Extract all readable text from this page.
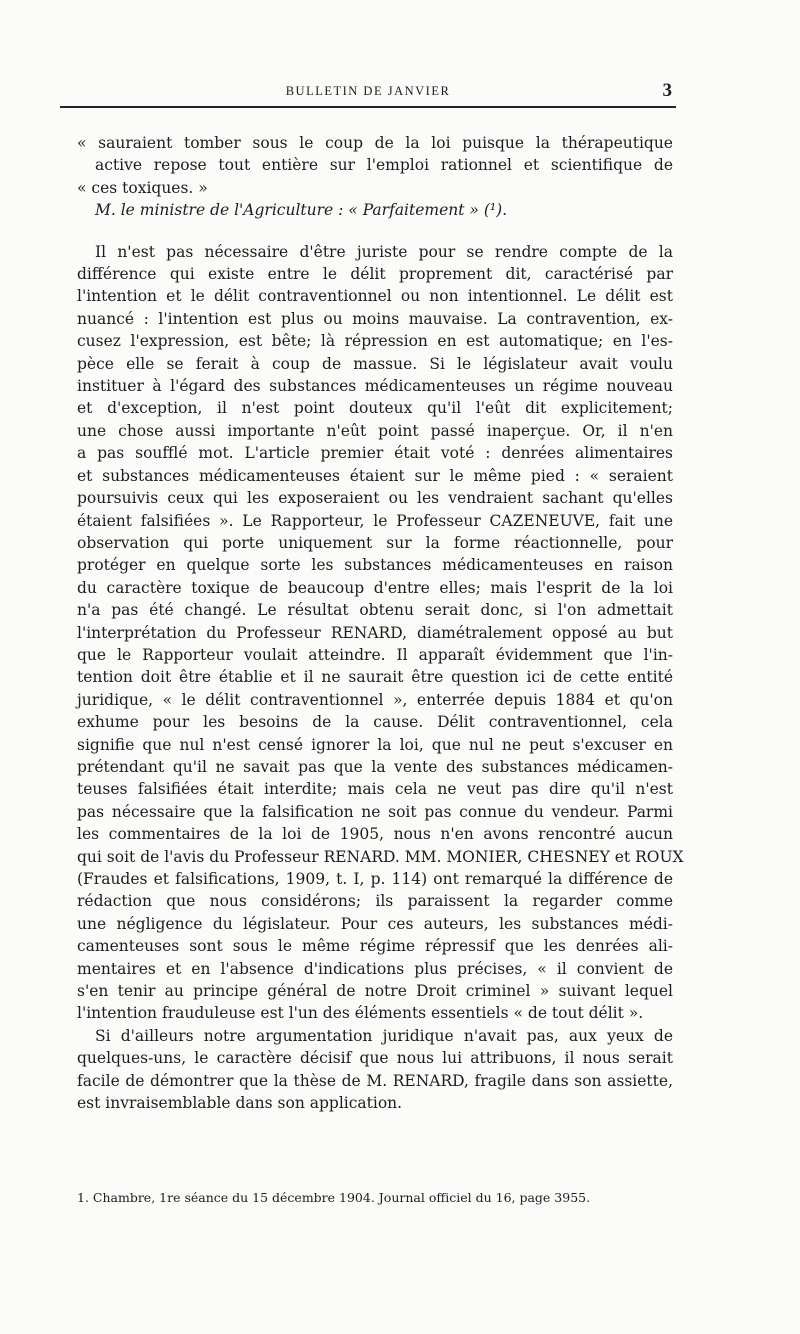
BULLETIN DE JANVIER	3
« sauraient tomber sous le coup de la loi puisque la thérapeutique
active repose tout entière sur l'emploi rationnel et scientifique de
« ces toxiques. »
M. le ministre de l'Agriculture : « Parfaitement » (¹).
Il n'est pas nécessaire d'être juriste pour se rendre compte de la
différence qui existe entre le délit proprement dit, caractérisé par
l'intention et le délit contraventionnel ou non intentionnel. Le délit est
nuancé : l'intention est plus ou moins mauvaise. La contravention, ex-
cusez l'expression, est bête; là répression en est automatique; en l'es-
pèce elle se ferait à coup de massue. Si le législateur avait voulu
instituer à l'égard des substances médicamenteuses un régime nouveau
et d'exception, il n'est point douteux qu'il l'eût dit explicitement;
une chose aussi importante n'eût point passé inaperçue. Or, il n'en
a pas soufflé mot. L'article premier était voté : denrées alimentaires
et substances médicamenteuses étaient sur le même pied : « seraient
poursuivis ceux qui les exposeraient ou les vendraient sachant qu'elles
étaient falsifiées ». Le Rapporteur, le Professeur CAZENEUVE, fait une
observation qui porte uniquement sur la forme réactionnelle, pour
protéger en quelque sorte les substances médicamenteuses en raison
du caractère toxique de beaucoup d'entre elles; mais l'esprit de la loi
n'a pas été changé. Le résultat obtenu serait donc, si l'on admettait
l'interprétation du Professeur RENARD, diamétralement opposé au but
que le Rapporteur voulait atteindre. Il apparaît évidemment que l'in-
tention doit être établie et il ne saurait être question ici de cette entité
juridique, « le délit contraventionnel », enterrée depuis 1884 et qu'on
exhume pour les besoins de la cause. Délit contraventionnel, cela
signifie que nul n'est censé ignorer la loi, que nul ne peut s'excuser en
prétendant qu'il ne savait pas que la vente des substances médicamen-
teuses falsifiées était interdite; mais cela ne veut pas dire qu'il n'est
pas nécessaire que la falsification ne soit pas connue du vendeur. Parmi
les commentaires de la loi de 1905, nous n'en avons rencontré aucun
qui soit de l'avis du Professeur RENARD. MM. MONIER, CHESNEY et ROUX
(Fraudes et falsifications, 1909, t. I, p. 114) ont remarqué la différence de
rédaction que nous considérons; ils paraissent la regarder comme
une négligence du législateur. Pour ces auteurs, les substances médi-
camenteuses sont sous le même régime répressif que les denrées ali-
mentaires et en l'absence d'indications plus précises, « il convient de
s'en tenir au principe général de notre Droit criminel » suivant lequel
l'intention frauduleuse est l'un des éléments essentiels « de tout délit ».
Si d'ailleurs notre argumentation juridique n'avait pas, aux yeux de
quelques-uns, le caractère décisif que nous lui attribuons, il nous serait
facile de démontrer que la thèse de M. RENARD, fragile dans son assiette,
est invraisemblable dans son application.
1. Chambre, 1re séance du 15 décembre 1904. Journal officiel du 16, page 3955.
